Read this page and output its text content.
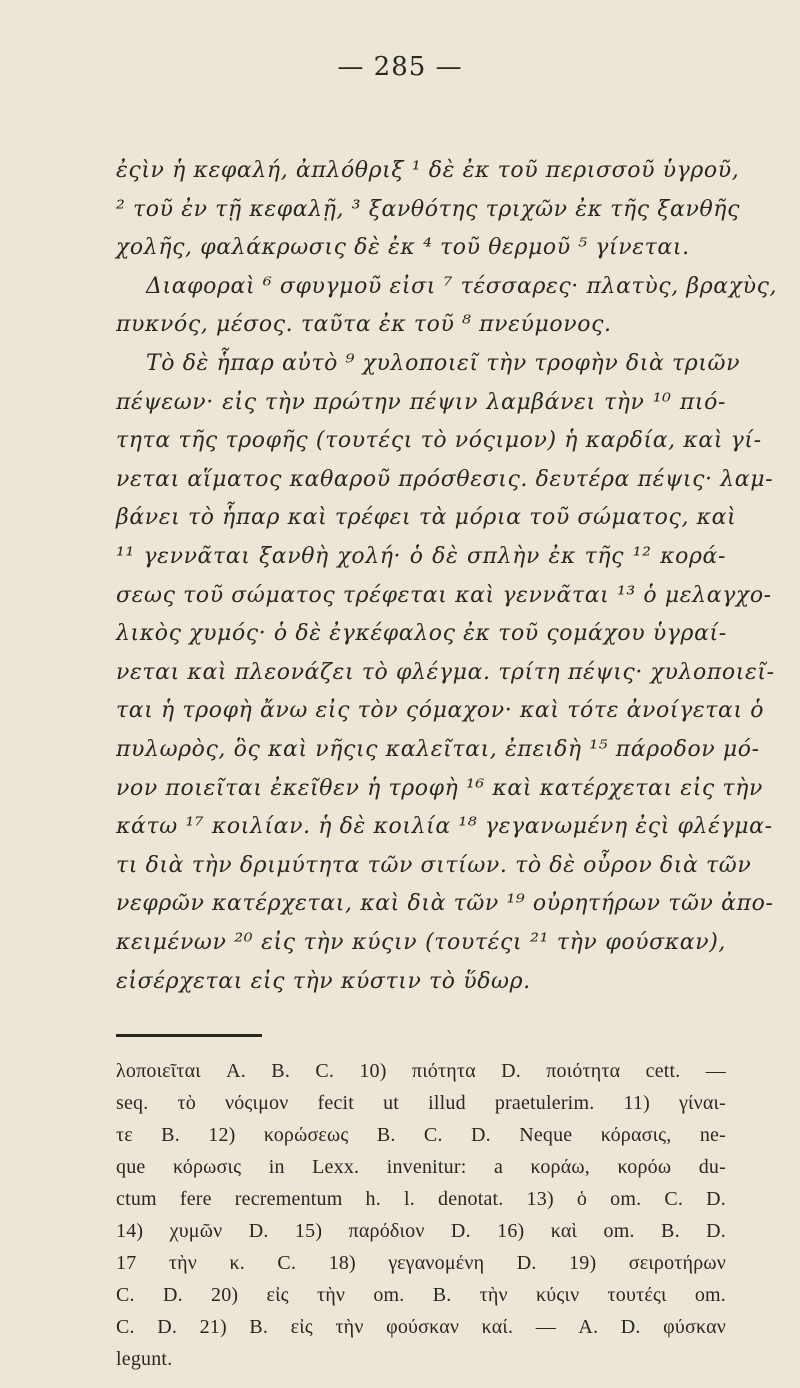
— 285 —
ἐςὶν ἡ κεφαλή, ἀπλόθριξ ¹ δὲ ἐκ τοῦ περισσοῦ ὑγροῦ,
² τοῦ ἐν τῇ κεφαλῇ, ³ ξανθότης τριχῶν ἐκ τῆς ξανθῆς
χολῆς, φαλάκρωσις δὲ ἐκ ⁴ τοῦ θερμοῦ ⁵ γίνεται.
Διαφοραὶ ⁶ σφυγμοῦ εἰσι ⁷ τέσσαρες· πλατὺς, βραχὺς,
πυκνός, μέσος. ταῦτα ἐκ τοῦ ⁸ πνεύμονος.
Τὸ δὲ ἧπαρ αὐτὸ ⁹ χυλοποιεῖ τὴν τροφὴν διὰ τριῶν
πέψεων· εἰς τὴν πρώτην πέψιν λαμβάνει τὴν ¹⁰ πιό-
τητα τῆς τροφῆς (τουτέςι τὸ νόςιμον) ἡ καρδία, καὶ γί-
νεται αἵματος καθαροῦ πρόσθεσις. δευτέρα πέψις· λαμ-
βάνει τὸ ἧπαρ καὶ τρέφει τὰ μόρια τοῦ σώματος, καὶ
¹¹ γεννᾶται ξανθὴ χολή· ὁ δὲ σπλὴν ἐκ τῆς ¹² κορά-
σεως τοῦ σώματος τρέφεται καὶ γεννᾶται ¹³ ὁ μελαγχο-
λικὸς χυμός· ὁ δὲ ἐγκέφαλος ἐκ τοῦ ςομάχου ὑγραί-
νεται καὶ πλεονάζει τὸ φλέγμα. τρίτη πέψις· χυλοποιεῖ-
ται ἡ τροφὴ ἄνω εἰς τὸν ςόμαχον· καὶ τότε ἀνοίγεται ὁ
πυλωρὸς, ὃς καὶ νῆςις καλεῖται, ἐπειδὴ ¹⁵ πάροδον μό-
νον ποιεῖται ἐκεῖθεν ἡ τροφὴ ¹⁶ καὶ κατέρχεται εἰς τὴν
κάτω ¹⁷ κοιλίαν. ἡ δὲ κοιλία ¹⁸ γεγανωμένη ἐςὶ φλέγμα-
τι διὰ τὴν δριμύτητα τῶν σιτίων. τὸ δὲ οὖρον διὰ τῶν
νεφρῶν κατέρχεται, καὶ διὰ τῶν ¹⁹ οὐρητήρων τῶν ἀπο-
κειμένων ²⁰ εἰς τὴν κύςιν (τουτέςι ²¹ τὴν φούσκαν),
εἰσέρχεται εἰς τὴν κύστιν τὸ ὕδωρ.
λοποιεῖται A. B. C. 10) πιότητα D. ποιότητα cett. —
seq. τὸ νόςιμον fecit ut illud praetulerim. 11) γίναι-
τε B. 12) κορώσεως B. C. D. Neque κόρασις, ne-
que κόρωσις in Lexx. invenitur: a κοράω, κορόω du-
ctum fere recrementum h. l. denotat. 13) ὁ om. C. D.
14) χυμῶν D. 15) παρόδιον D. 16) καὶ om. B. D.
17 τὴν κ. C. 18) γεγανομένη D. 19) σειροτήρων
C. D. 20) εἰς τὴν om. B. τὴν κύςιν τουτέςι om.
C. D. 21) B. εἰς τὴν φούσκαν καί. — A. D. φύσκαν
legunt.
